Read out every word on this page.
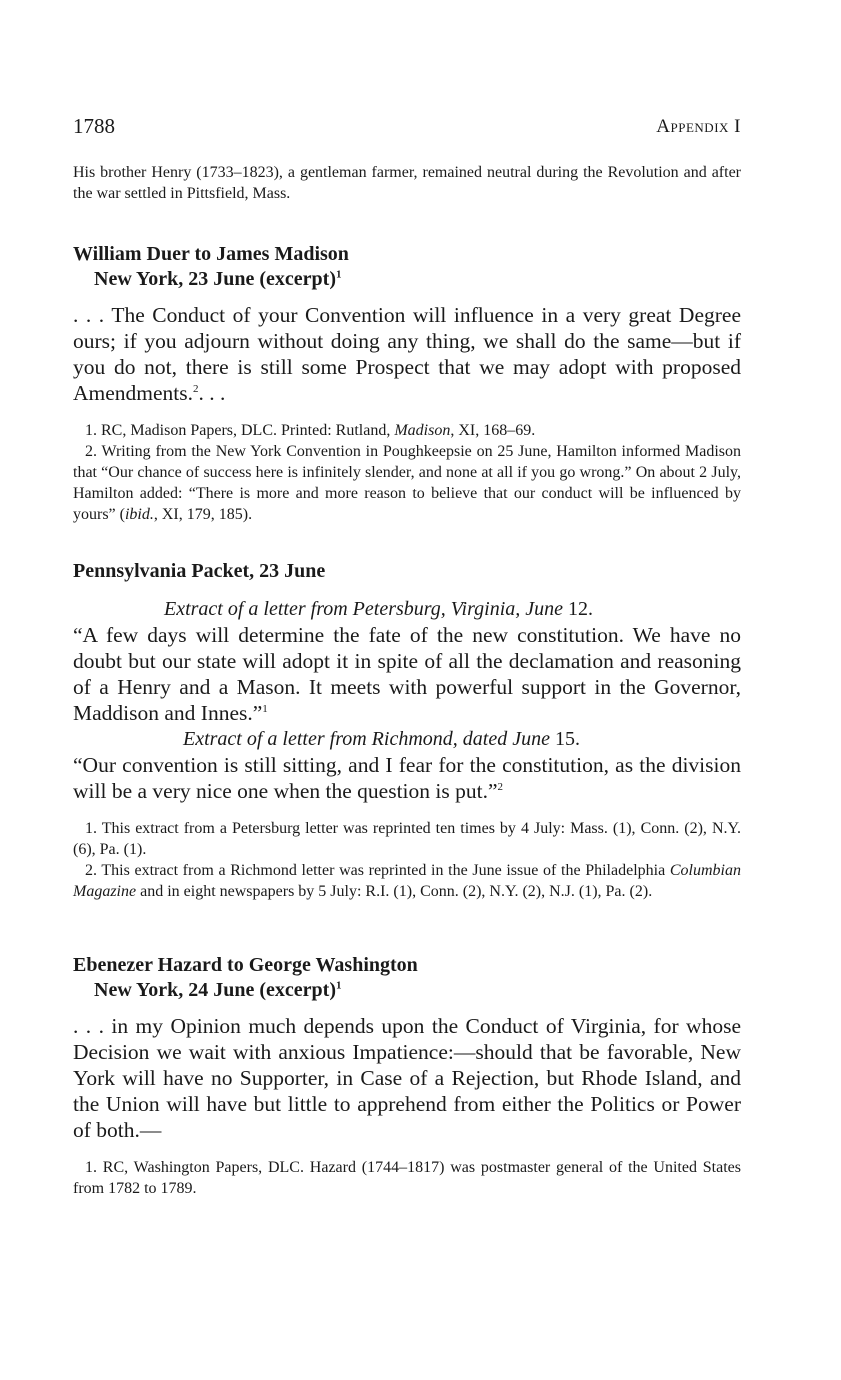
1788	Appendix I

His brother Henry (1733–1823), a gentleman farmer, remained neutral during the Revolution and after the war settled in Pittsfield, Mass.

William Duer to James Madison

New York, 23 June (excerpt)$^1$

. . . The Conduct of your Convention will influence in a very great Degree ours; if you adjourn without doing any thing, we shall do the same—but if you do not, there is still some Prospect that we may adopt with proposed Amendments.$^2$. . .

1. RC, Madison Papers, DLC. Printed: Rutland, Madison, XI, 168–69.

2. Writing from the New York Convention in Poughkeepsie on 25 June, Hamilton informed Madison that “Our chance of success here is infinitely slender, and none at all if you go wrong.” On about 2 July, Hamilton added: “There is more and more reason to believe that our conduct will be influenced by yours” (ibid., XI, 179, 185).

Pennsylvania Packet, 23 June

Extract of a letter from Petersburg, Virginia, June 12.

“A few days will determine the fate of the new constitution. We have no doubt but our state will adopt it in spite of all the declamation and reasoning of a Henry and a Mason. It meets with powerful support in the Governor, Maddison and Innes.”$^1$

Extract of a letter from Richmond, dated June 15.

“Our convention is still sitting, and I fear for the constitution, as the division will be a very nice one when the question is put.”$^2$

1. This extract from a Petersburg letter was reprinted ten times by 4 July: Mass. (1), Conn. (2), N.Y. (6), Pa. (1).

2. This extract from a Richmond letter was reprinted in the June issue of the Philadelphia Columbian Magazine and in eight newspapers by 5 July: R.I. (1), Conn. (2), N.Y. (2), N.J. (1), Pa. (2).

Ebenezer Hazard to George Washington

New York, 24 June (excerpt)$^1$

. . . in my Opinion much depends upon the Conduct of Virginia, for whose Decision we wait with anxious Impatience:—should that be favorable, New York will have no Supporter, in Case of a Rejection, but Rhode Island, and the Union will have but little to apprehend from either the Politics or Power of both.—

1. RC, Washington Papers, DLC. Hazard (1744–1817) was postmaster general of the United States from 1782 to 1789.
